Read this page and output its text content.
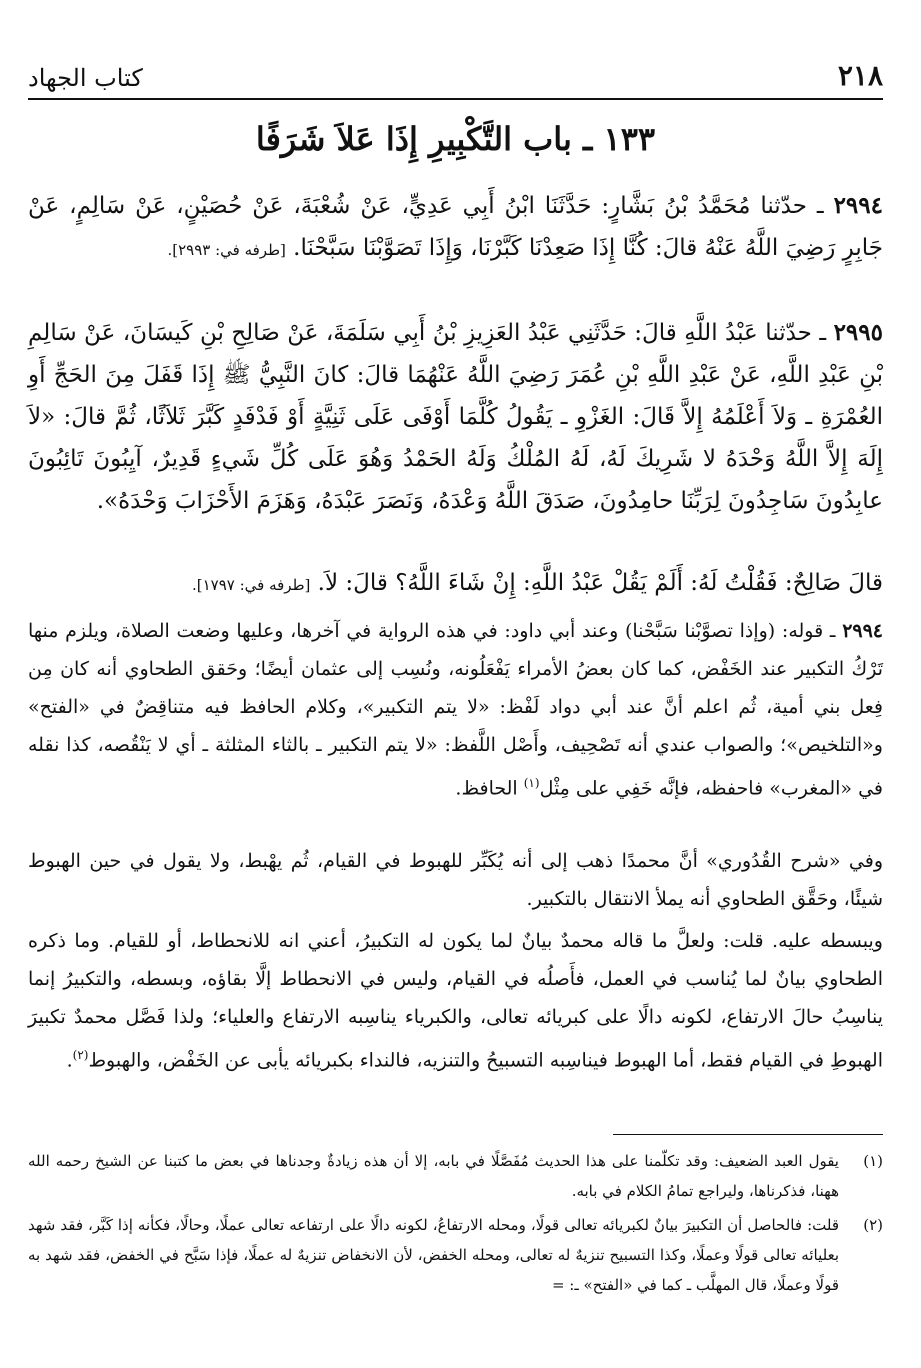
٢١٨
كتاب الجهاد
١٣٣ ـ باب التَّكْبِيرِ إِذَا عَلاَ شَرَفًا
٢٩٩٤ ـ حدّثنا مُحَمَّدُ بْنُ بَشَّارٍ: حَدَّثَنَا ابْنُ أَبِي عَدِيٍّ، عَنْ شُعْبَةَ، عَنْ حُصَيْنٍ، عَنْ سَالِمٍ، عَنْ جَابِرٍ رَضِيَ اللَّهُ عَنْهُ قالَ: كُنَّا إِذَا صَعِدْنَا كَبَّرْنَا، وَإِذَا تَصَوَّبْنَا سَبَّحْنَا. [طرفه في: ٢٩٩٣].
٢٩٩٥ ـ حدّثنا عَبْدُ اللَّهِ قالَ: حَدَّثَنِي عَبْدُ العَزِيزِ بْنُ أَبِي سَلَمَةَ، عَنْ صَالِحِ بْنِ كَيسَانَ، عَنْ سَالِمِ بْنِ عَبْدِ اللَّهِ، عَنْ عَبْدِ اللَّهِ بْنِ عُمَرَ رَضِيَ اللَّهُ عَنْهُمَا قالَ: كانَ النَّبِيُّ ﷺ إِذَا قَفَلَ مِنَ الحَجِّ أَوِ العُمْرَةِ ـ وَلاَ أَعْلَمُهُ إِلاَّ قَالَ: الغَزْوِ ـ يَقُولُ كُلَّمَا أَوْفَى عَلَى ثَنِيَّةٍ أَوْ فَدْفَدٍ كَبَّرَ ثَلاَثًا، ثُمَّ قالَ: «لاَ إِلَهَ إِلاَّ اللَّهُ وَحْدَهُ لا شَرِيكَ لَهُ، لَهُ المُلْكُ وَلَهُ الحَمْدُ وَهُوَ عَلَى كُلِّ شَيءٍ قَدِيرٌ، آيِبُونَ تَائِبُونَ عابِدُونَ سَاجِدُونَ لِرَبِّنَا حامِدُونَ، صَدَقَ اللَّهُ وَعْدَهُ، وَنَصَرَ عَبْدَهُ، وَهَزَمَ الأَحْزَابَ وَحْدَهُ».
قالَ صَالِحٌ: فَقُلْتُ لَهُ: أَلَمْ يَقُلْ عَبْدُ اللَّهِ: إِنْ شَاءَ اللَّهُ؟ قالَ: لاَ. [طرفه في: ١٧٩٧].
٢٩٩٤ ـ قوله: (وإذا تصوَّبْنا سَبَّحْنا) وعند أبي داود: في هذه الرواية في آخرها، وعليها وضعت الصلاة، ويلزم منها تَرْكُ التكبير عند الخَفْض، كما كان بعضُ الأمراء يَفْعَلُونه، ونُسِب إلى عثمان أيضًا؛ وحَقق الطحاوي أنه كان مِن فِعل بني أمية، ثُم اعلم أنَّ عند أبي دواد لَفْظ: «لا يتم التكبير»، وكلام الحافظ فيه متناقِضٌ في «الفتح» و«التلخيص»؛ والصواب عندي أنه تَصْحِيف، وأَصْل اللَّفظ: «لا يتم التكبير ـ بالثاء المثلثة ـ أي لا يَنْقُصه، كذا نقله في «المغرب» فاحفظه، فإنَّه خَفِي على مِثْل$^{(١)}$ الحافظ.
وفي «شرح القُدُوري» أنَّ محمدًا ذهب إلى أنه يُكَبِّر للهبوط في القيام، ثُم يهْبط، ولا يقول في حين الهبوط شيئًا، وحَقَّق الطحاوي أنه يملأ الانتقال بالتكبير.
ويبسطه عليه. قلت: ولعلَّ ما قاله محمدٌ بيانٌ لما يكون له التكبيرُ، أعني انه للانحطاط، أو للقيام. وما ذكره الطحاوي بيانٌ لما يُناسب في العمل، فأَصلُه في القيام، وليس في الانحطاط إلَّا بقاؤه، وبسطه، والتكبيرُ إنما يناسِبُ حالَ الارتفاع، لكونه دالًا على كبريائه تعالى، والكبرياء يناسِبه الارتفاع والعلياء؛ ولذا فَصَّل محمدٌ تكبيرَ الهبوطِ في القيام فقط، أما الهبوط فيناسِبه التسبيحُ والتنزيه، فالنداء بكبريائه يأبى عن الخَفْض، والهبوط$^{(٢)}$.
(١)
يقول العبد الضعيف: وقد تكلّمنا على هذا الحديث مُفَصَّلًا في بابه، إلا أن هذه زيادةٌ وجدناها في بعض ما كتبنا عن الشيخ رحمه الله ههنا، فذكرناها، وليراجع تمامُ الكلام في بابه.
(٢)
قلت: فالحاصل أن التكبيرَ بيانٌ لكبريائه تعالى قولًا، ومحله الارتفاعُ، لكونه دالًا على ارتفاعه تعالى عملًا، وحالًا، فكأنه إذا كَبَّر، فقد شهد بعليائه تعالى قولًا وعملًا، وكذا التسبيح تنزيهٌ له تعالى، ومحله الخفض، لأن الانخفاض تنزيهٌ له عملًا، فإذا سَبَّح في الخفض، فقد شهد به قولًا وعملًا، قال المهلَّب ـ كما في «الفتح» ـ: =
